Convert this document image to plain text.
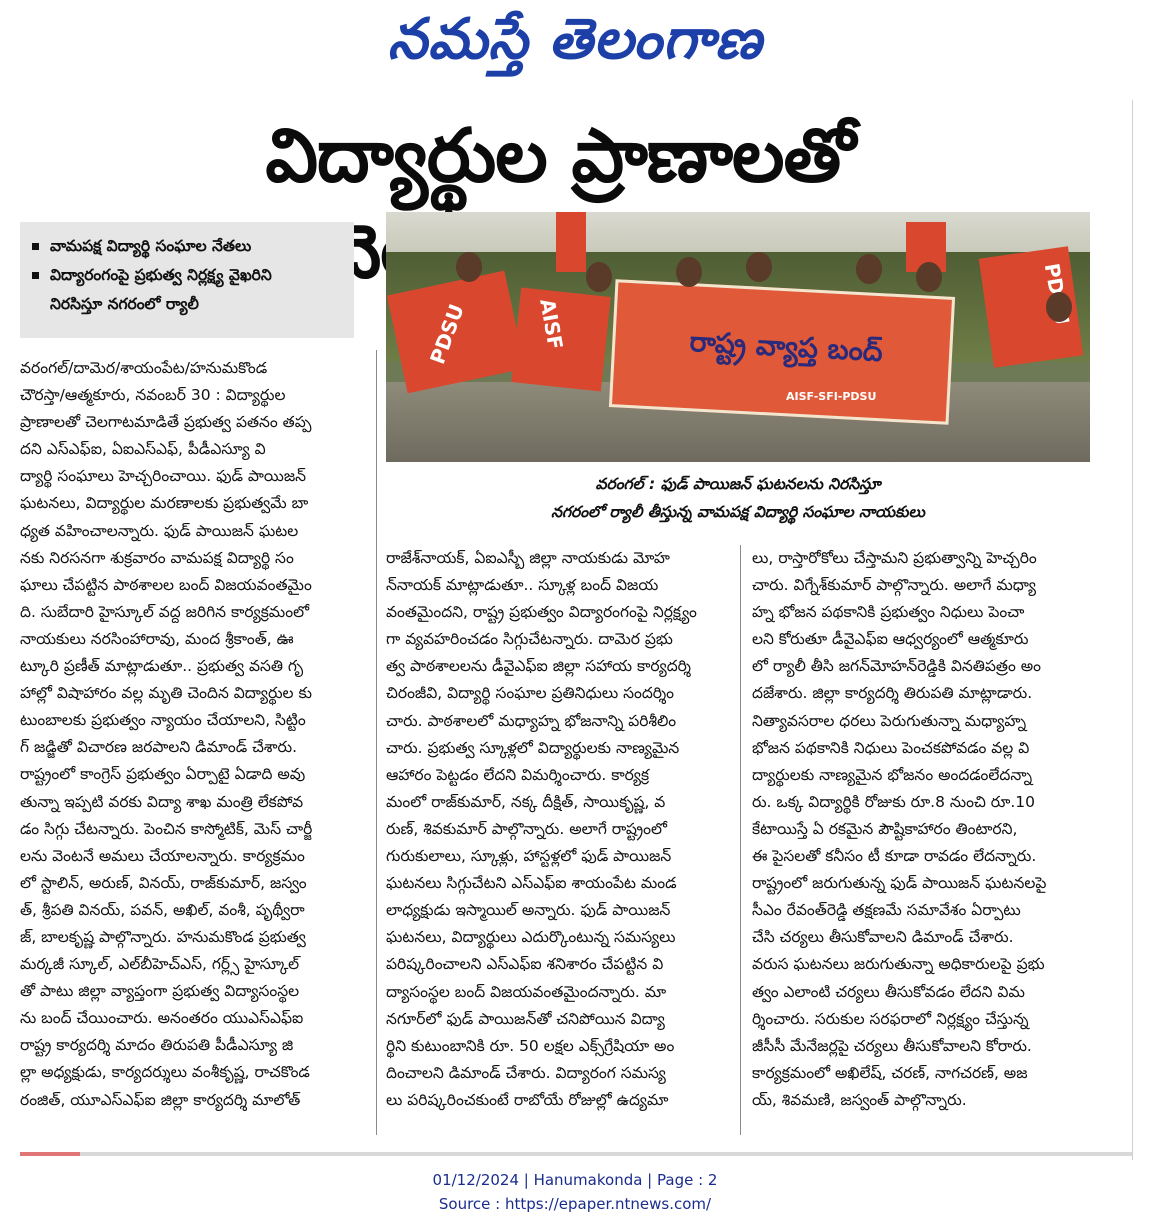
నమస్తే తెలంగాణ
విద్యార్థుల ప్రాణాలతో
వామపక్ష విద్యార్థి సంఘాల నేతలు
విద్యారంగంపై ప్రభుత్వ నిర్లక్ష్య వైఖరిని
నిరసిస్తూ నగరంలో ర్యాలీ
రాష్ట్ర వ్యాప్త బంద్
PDSU	AISF
AISF-SFI-PDSU
వరంగల్ : ఫుడ్ పాయిజన్ ఘటనలను నిరసిస్తూ
నగరంలో ర్యాలీ తీస్తున్న వామపక్ష విద్యార్థి సంఘాల నాయకులు
వరంగల్/దామెర/శాయంపేట/హనుమకొండ
చౌరస్తా/ఆత్మకూరు, నవంబర్ 30 : విద్యార్థుల
ప్రాణాలతో చెలగాటమాడితే ప్రభుత్వ పతనం తప్ప
దని ఎస్ఎఫ్ఐ, ఏఐఎస్ఎఫ్, పీడీఎస్యూ వి
ద్యార్థి సంఘాలు హెచ్చరించాయి. ఫుడ్ పాయిజన్
ఘటనలు, విద్యార్థుల మరణాలకు ప్రభుత్వమే బా
ధ్యత వహించాలన్నారు. ఫుడ్ పాయిజన్ ఘటల
నకు నిరసనగా శుక్రవారం వామపక్ష విద్యార్థి సం
ఘాలు చేపట్టిన పాఠశాలల బంద్ విజయవంతమైం
ది. సుబేదారి హైస్కూల్ వద్ద జరిగిన కార్యక్రమంలో
నాయకులు నరసింహారావు, మంద శ్రీకాంత్, ఊ
ట్కూరి ప్రణీత్ మాట్లాడుతూ.. ప్రభుత్వ వసతి గృ
హాల్లో విషాహారం వల్ల మృతి చెందిన విద్యార్థుల కు
టుంబాలకు ప్రభుత్వం న్యాయం చేయాలని, సిట్టిం
గ్ జడ్జితో విచారణ జరపాలని డిమాండ్ చేశారు.
రాష్ట్రంలో కాంగ్రెస్ ప్రభుత్వం ఏర్పాటై ఏడాది అవు
తున్నా ఇప్పటి వరకు విద్యా శాఖ మంత్రి లేకపోవ
డం సిగ్గు చేటన్నారు. పెంచిన కాస్మోటిక్, మెస్ చార్జీ
లను వెంటనే అమలు చేయాలన్నారు. కార్యక్రమం
లో స్టాలిన్, అరుణ్, వినయ్, రాజ్‌కుమార్, జస్వం
త్, శ్రీపతి వినయ్, పవన్, అఖిల్, వంశీ, పృథ్వీరా
జ్, బాలకృష్ణ పాల్గొన్నారు. హనుమకొండ ప్రభుత్వ
మర్కజీ స్కూల్, ఎల్‌బీహెచ్ఎస్, గర్ల్స్ హైస్కూల్
తో పాటు జిల్లా వ్యాప్తంగా ప్రభుత్వ విద్యాసంస్థల
ను బంద్ చేయించారు. అనంతరం యుఎస్ఎఫ్ఐ
రాష్ట్ర కార్యదర్శి మాదం తిరుపతి పీడీఎస్యూ జి
ల్లా అధ్యక్షుడు, కార్యదర్శులు వంశీకృష్ణ, రాచకొండ
రంజిత్, యూఎస్ఎఫ్ఐ జిల్లా కార్యదర్శి మాలోత్
రాజేశ్‌నాయక్, ఏఐఎస్బీ జిల్లా నాయకుడు మోహ
న్‌నాయక్ మాట్లాడుతూ.. స్కూళ్ల బంద్ విజయ
వంతమైందని, రాష్ట్ర ప్రభుత్వం విద్యారంగంపై నిర్లక్ష్యం
గా వ్యవహరించడం సిగ్గుచేటన్నారు. దామెర ప్రభు
త్వ పాఠశాలలను డీవైఎఫ్ఐ జిల్లా సహాయ కార్యదర్శి
చిరంజీవి, విద్యార్థి సంఘాల ప్రతినిధులు సందర్శిం
చారు. పాఠశాలలో మధ్యాహ్న భోజనాన్ని పరిశీలిం
చారు. ప్రభుత్వ స్కూళ్లలో విద్యార్థులకు నాణ్యమైన
ఆహారం పెట్టడం లేదని విమర్శించారు. కార్యక్ర
మంలో రాజ్‌కుమార్, నక్క దీక్షిత్, సాయికృష్ణ, వ
రుణ్, శివకుమార్ పాల్గొన్నారు. అలాగే రాష్ట్రంలో
గురుకులాలు, స్కూళ్లు, హాస్టళ్లలో ఫుడ్ పాయిజన్
ఘటనలు సిగ్గుచేటని ఎస్ఎఫ్ఐ శాయంపేట మండ
లాధ్యక్షుడు ఇస్మాయిల్ అన్నారు. ఫుడ్ పాయిజన్
ఘటనలు, విద్యార్థులు ఎదుర్కొంటున్న సమస్యలు
పరిష్కరించాలని ఎస్ఎఫ్ఐ శనిశారం చేపట్టిన వి
ద్యాసంస్థల బంద్ విజయవంతమైందన్నారు. మా
నగూర్‌లో ఫుడ్ పాయిజన్‌తో చనిపోయిన విద్యా
ర్థిని కుటుంబానికి రూ. 50 లక్షల ఎక్స్‌గ్రేషియా అం
దించాలని డిమాండ్ చేశారు. విద్యారంగ సమస్య
లు పరిష్కరించకుంటే రాబోయే రోజుల్లో ఉద్యమా
లు, రాస్తారోకోలు చేస్తామని ప్రభుత్వాన్ని హెచ్చరిం
చారు. విగ్నేశ్‌కుమార్ పాల్గొన్నారు. అలాగే మధ్యా
హ్న భోజన పథకానికి ప్రభుత్వం నిధులు పెంచా
లని కోరుతూ డీవైఎఫ్ఐ ఆధ్వర్యంలో ఆత్మకూరు
లో ర్యాలీ తీసి జగన్‌మోహన్‌రెడ్డికి వినతిపత్రం అం
దజేశారు. జిల్లా కార్యదర్శి తిరుపతి మాట్లాడారు.
నిత్యావసరాల ధరలు పెరుగుతున్నా మధ్యాహ్న
భోజన పథకానికి నిధులు పెంచకపోవడం వల్ల వి
ద్యార్థులకు నాణ్యమైన భోజనం అందడంలేదన్నా
రు. ఒక్క విద్యార్థికి రోజుకు రూ.8 నుంచి రూ.10
కేటాయిస్తే ఏ రకమైన పౌష్టికాహారం తింటారని,
ఈ పైసలతో కనీసం టీ కూడా రావడం లేదన్నారు.
రాష్ట్రంలో జరుగుతున్న ఫుడ్ పాయిజన్ ఘటనలపై
సీఎం రేవంత్‌రెడ్డి తక్షణమే సమావేశం ఏర్పాటు
చేసి చర్యలు తీసుకోవాలని డిమాండ్ చేశారు.
వరుస ఘటనలు జరుగుతున్నా అధికారులపై ప్రభు
త్వం ఎలాంటి చర్యలు తీసుకోవడం లేదని విమ
ర్శించారు. సరుకుల సరఫరాలో నిర్లక్ష్యం చేస్తున్న
జీసీసీ మేనేజర్లపై చర్యలు తీసుకోవాలని కోరారు.
కార్యక్రమంలో అఖిలేష్, చరణ్, నాగచరణ్, అజ
య్, శివమణి, జస్వంత్ పాల్గొన్నారు.
01/12/2024 | Hanumakonda | Page : 2
Source : https://epaper.ntnews.com/
